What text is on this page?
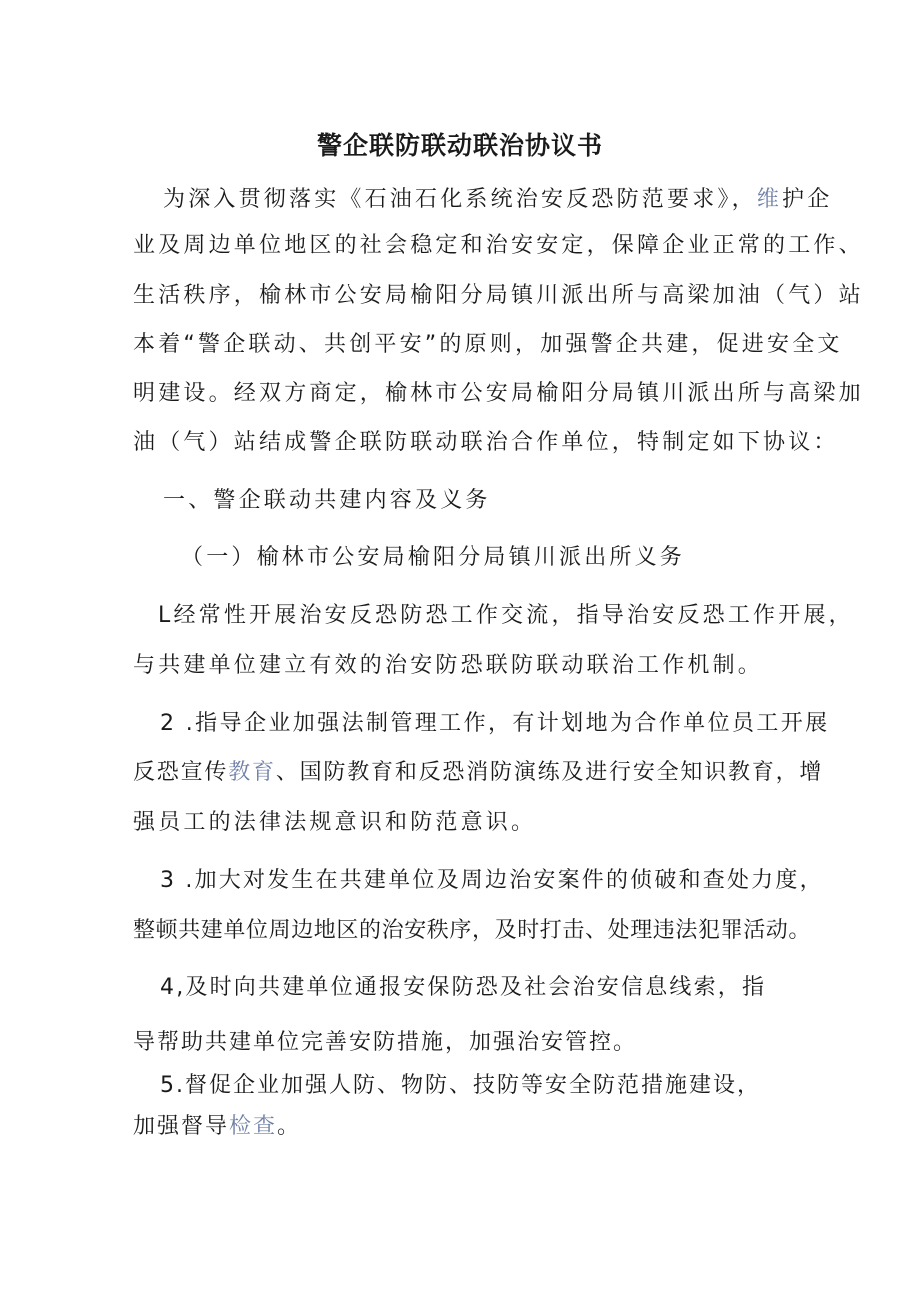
警企联防联动联治协议书
为深入贯彻落实《石油石化系统治安反恐防范要求》，维护企
业及周边单位地区的社会稳定和治安安定，保障企业正常的工作、
生活秩序，榆林市公安局榆阳分局镇川派出所与高梁加油（气）站
本着“警企联动、共创平安”的原则，加强警企共建，促进安全文
明建设。经双方商定，榆林市公安局榆阳分局镇川派出所与高梁加
油（气）站结成警企联防联动联治合作单位，特制定如下协议：
一、警企联动共建内容及义务
（一）榆林市公安局榆阳分局镇川派出所义务
L经常性开展治安反恐防恐工作交流，指导治安反恐工作开展，
与共建单位建立有效的治安防恐联防联动联治工作机制。
2 .指导企业加强法制管理工作，有计划地为合作单位员工开展
反恐宣传教育、国防教育和反恐消防演练及进行安全知识教育，增
强员工的法律法规意识和防范意识。
3 .加大对发生在共建单位及周边治安案件的侦破和查处力度，
整顿共建单位周边地区的治安秩序，及时打击、处理违法犯罪活动。
4,及时向共建单位通报安保防恐及社会治安信息线索，指
导帮助共建单位完善安防措施，加强治安管控。
5.督促企业加强人防、物防、技防等安全防范措施建设，
加强督导检查。
